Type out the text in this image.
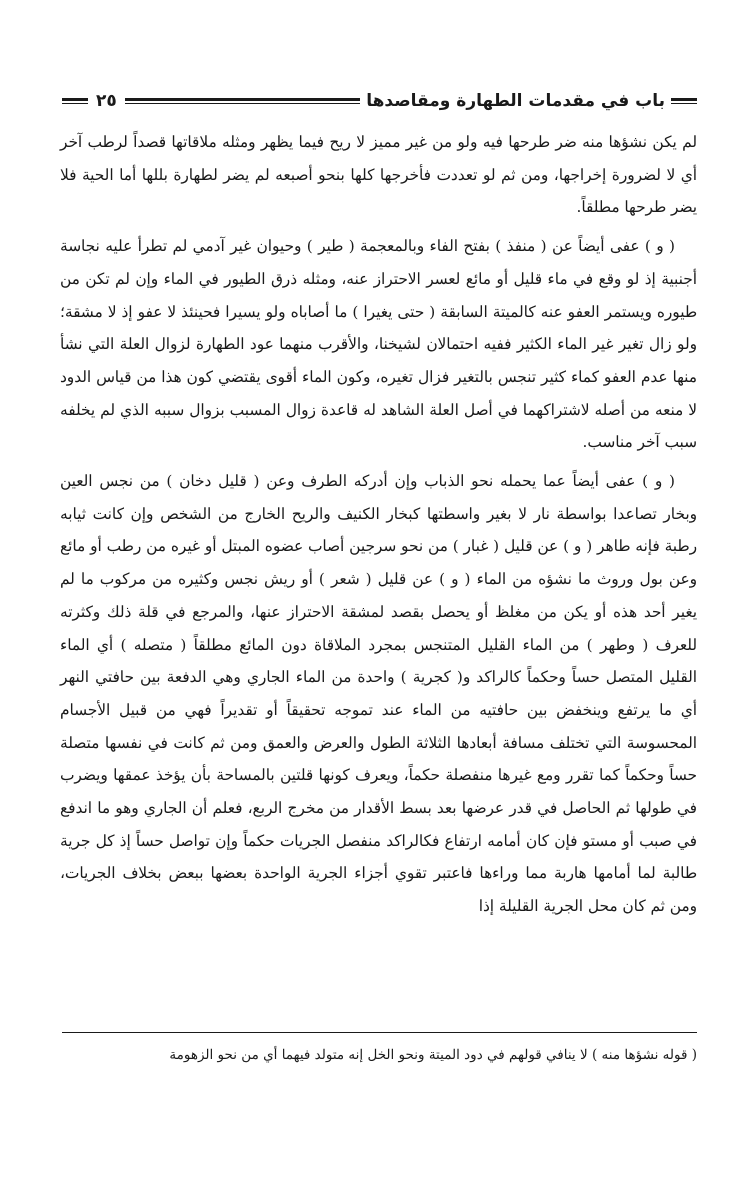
باب في مقدمات الطهارة ومقاصدها
٢٥

لم يكن نشؤها منه ضر طرحها فيه ولو من غير مميز لا ريح فيما يظهر ومثله ملاقاتها قصداً لرطب آخر أي لا لضرورة إخراجها، ومن ثم لو تعددت فأخرجها كلها بنحو أصبعه لم يضر لطهارة بللها أما الحية فلا يضر طرحها مطلقاً.

( و ) عفى أيضاً عن ( منفذ ) بفتح الفاء وبالمعجمة ( طير ) وحيوان غير آدمي لم تطرأ عليه نجاسة أجنبية إذ لو وقع في ماء قليل أو مائع لعسر الاحتراز عنه، ومثله ذرق الطيور في الماء وإن لم تكن من طيوره ويستمر العفو عنه كالميتة السابقة ( حتى يغيرا ) ما أصاباه ولو يسيرا فحينئذ لا عفو إذ لا مشقة؛ ولو زال تغير غير الماء الكثير ففيه احتمالان لشيخنا، والأقرب منهما عود الطهارة لزوال العلة التي نشأ منها عدم العفو كماء كثير تنجس بالتغير فزال تغيره، وكون الماء أقوى يقتضي كون هذا من قياس الدود لا منعه من أصله لاشتراكهما في أصل العلة الشاهد له قاعدة زوال المسبب بزوال سببه الذي لم يخلفه سبب آخر مناسب.

( و ) عفى أيضاً عما يحمله نحو الذباب وإن أدركه الطرف وعن ( قليل دخان ) من نجس العين وبخار تصاعدا بواسطة نار لا بغير واسطتها كبخار الكنيف والريح الخارج من الشخص وإن كانت ثيابه رطبة فإنه طاهر ( و ) عن قليل ( غبار ) من نحو سرجين أصاب عضوه المبتل أو غيره من رطب أو مائع وعن بول وروث ما نشؤه من الماء ( و ) عن قليل ( شعر ) أو ريش نجس وكثيره من مركوب ما لم يغير أحد هذه أو يكن من مغلظ أو يحصل بقصد لمشقة الاحتراز عنها، والمرجع في قلة ذلك وكثرته للعرف ( وطهر ) من الماء القليل المتنجس بمجرد الملاقاة دون المائع مطلقاً ( متصله ) أي الماء القليل المتصل حساً وحكماً كالراكد و( كجرية ) واحدة من الماء الجاري وهي الدفعة بين حافتي النهر أي ما يرتفع وينخفض بين حافتيه من الماء عند تموجه تحقيقاً أو تقديراً فهي من قبيل الأجسام المحسوسة التي تختلف مسافة أبعادها الثلاثة الطول والعرض والعمق ومن ثم كانت في نفسها متصلة حساً وحكماً كما تقرر ومع غيرها منفصلة حكماً، ويعرف كونها قلتين بالمساحة بأن يؤخذ عمقها ويضرب في طولها ثم الحاصل في قدر عرضها بعد بسط الأقدار من مخرج الربع، فعلم أن الجاري وهو ما اندفع في صبب أو مستو فإن كان أمامه ارتفاع فكالراكد منفصل الجريات حكماً وإن تواصل حساً إذ كل جرية طالبة لما أمامها هاربة مما وراءها فاعتبر تقوي أجزاء الجرية الواحدة بعضها ببعض بخلاف الجريات، ومن ثم كان محل الجرية القليلة إذا

( قوله نشؤها منه ) لا ينافي قولهم في دود الميتة ونحو الخل إنه متولد فيهما أي من نحو الزهومة
